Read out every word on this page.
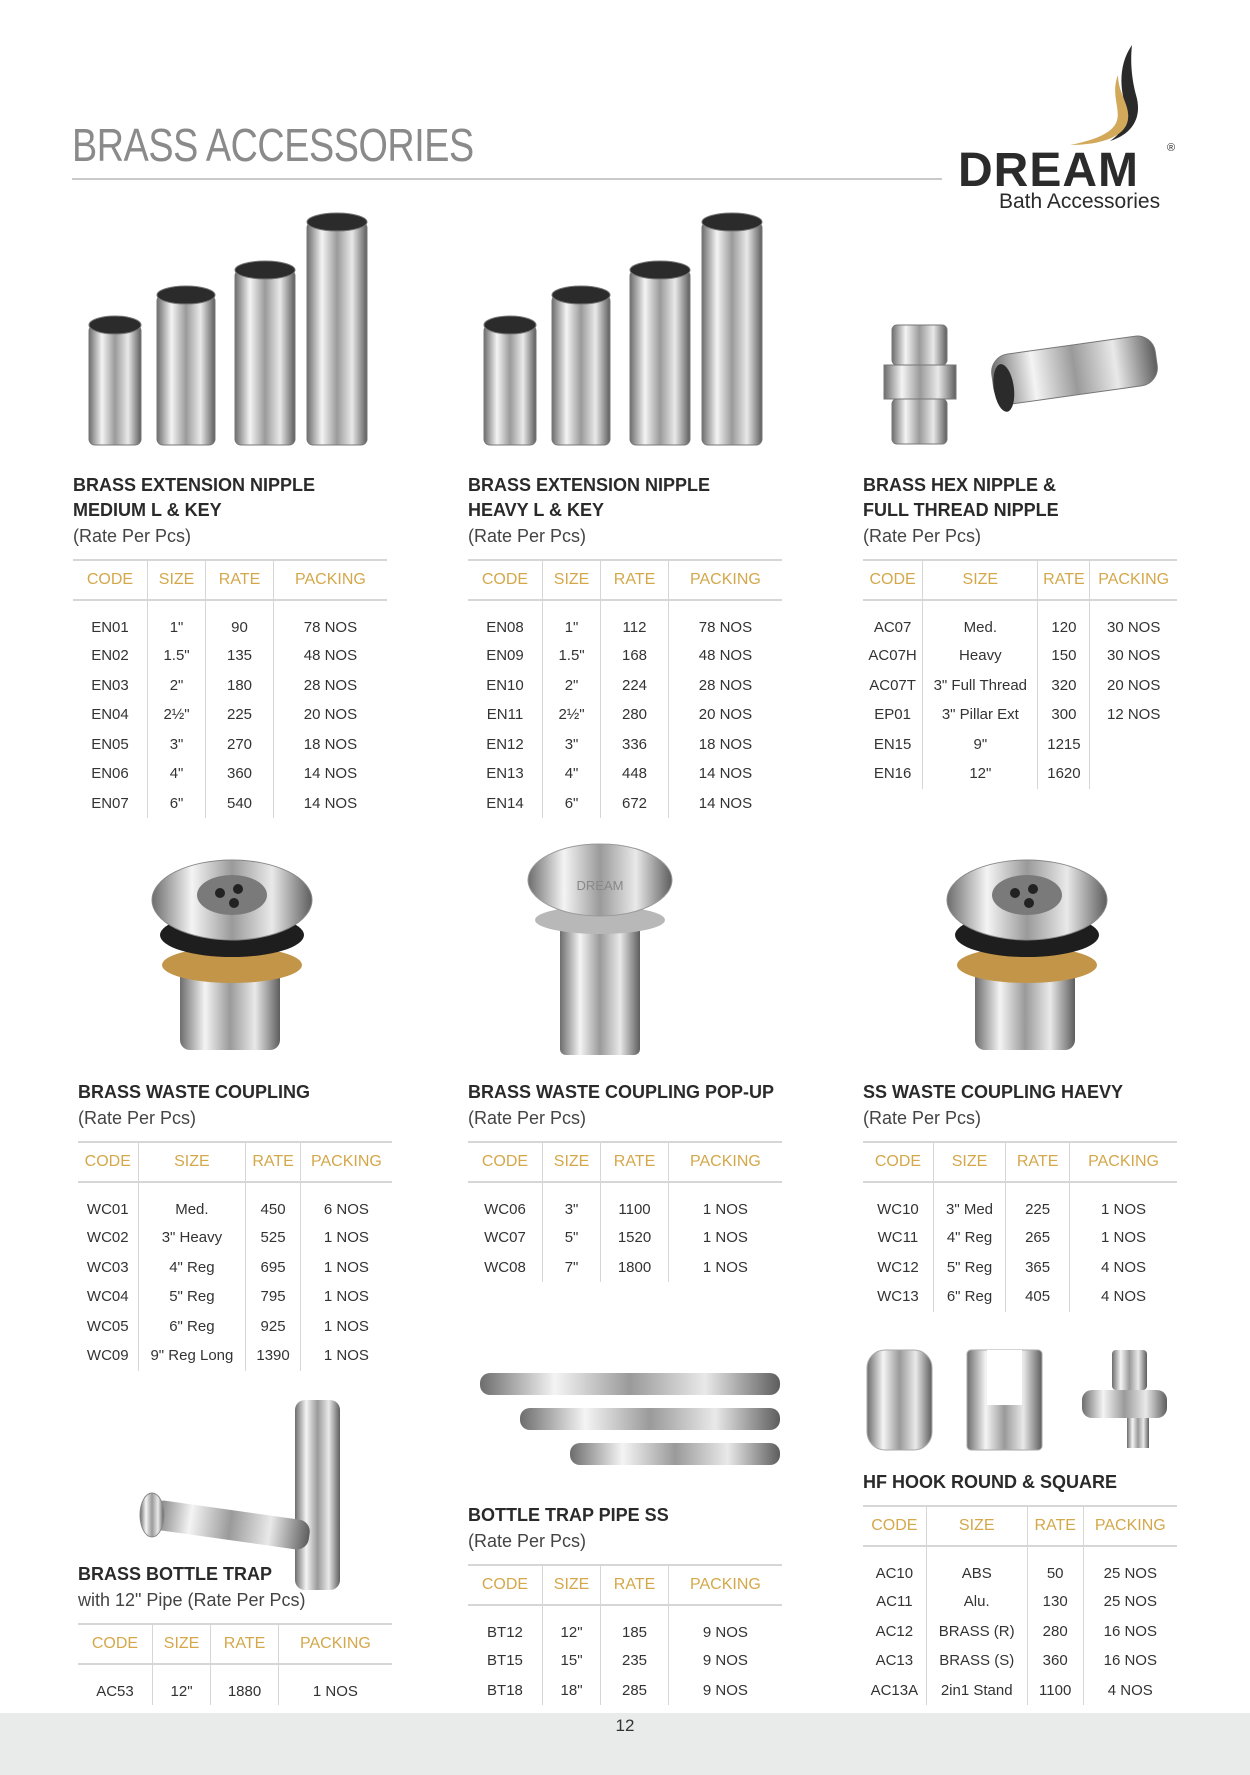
BRASS ACCESSORIES	DREAM	®
Bath Accessories
DREAM
BRASS EXTENSION NIPPLE
MEDIUM L & KEY
(Rate Per Pcs)
CODE	SIZE	RATE	PACKING
EN01	1"	90	78 NOS
EN02	1.5"	135	48 NOS
EN03	2"	180	28 NOS
EN04	2½"	225	20 NOS
EN05	3"	270	18 NOS
EN06	4"	360	14 NOS
EN07	6"	540	14 NOS
BRASS EXTENSION NIPPLE
HEAVY L & KEY
(Rate Per Pcs)
CODE	SIZE	RATE	PACKING
EN08	1"	112	78 NOS
EN09	1.5"	168	48 NOS
EN10	2"	224	28 NOS
EN11	2½"	280	20 NOS
EN12	3"	336	18 NOS
EN13	4"	448	14 NOS
EN14	6"	672	14 NOS
BRASS HEX NIPPLE &
FULL THREAD NIPPLE
(Rate Per Pcs)
CODE	SIZE	RATE	PACKING
AC07	Med.	120	30 NOS
AC07H	Heavy	150	30 NOS
AC07T	3" Full Thread	320	20 NOS
EP01	3" Pillar Ext	300	12 NOS
EN15	9"	1215	
EN16	12"	1620	
BRASS WASTE COUPLING
(Rate Per Pcs)
CODE	SIZE	RATE	PACKING
WC01	Med.	450	6 NOS
WC02	3" Heavy	525	1 NOS
WC03	4" Reg	695	1 NOS
WC04	5" Reg	795	1 NOS
WC05	6" Reg	925	1 NOS
WC09	9" Reg Long	1390	1 NOS
BRASS WASTE COUPLING POP-UP
(Rate Per Pcs)
CODE	SIZE	RATE	PACKING
WC06	3"	1100	1 NOS
WC07	5"	1520	1 NOS
WC08	7"	1800	1 NOS
SS WASTE COUPLING HAEVY
(Rate Per Pcs)
CODE	SIZE	RATE	PACKING
WC10	3" Med	225	1 NOS
WC11	4" Reg	265	1 NOS
WC12	5" Reg	365	4 NOS
WC13	6" Reg	405	4 NOS
BRASS BOTTLE TRAP
with 12" Pipe (Rate Per Pcs)
CODE	SIZE	RATE	PACKING
AC53	12"	1880	1 NOS
BOTTLE TRAP PIPE SS
(Rate Per Pcs)
CODE	SIZE	RATE	PACKING
BT12	12"	185	9 NOS
BT15	15"	235	9 NOS
BT18	18"	285	9 NOS
HF HOOK ROUND & SQUARE
CODE	SIZE	RATE	PACKING
AC10	ABS	50	25 NOS
AC11	Alu.	130	25 NOS
AC12	BRASS (R)	280	16 NOS
AC13	BRASS (S)	360	16 NOS
AC13A	2in1 Stand	1100	4 NOS
12
